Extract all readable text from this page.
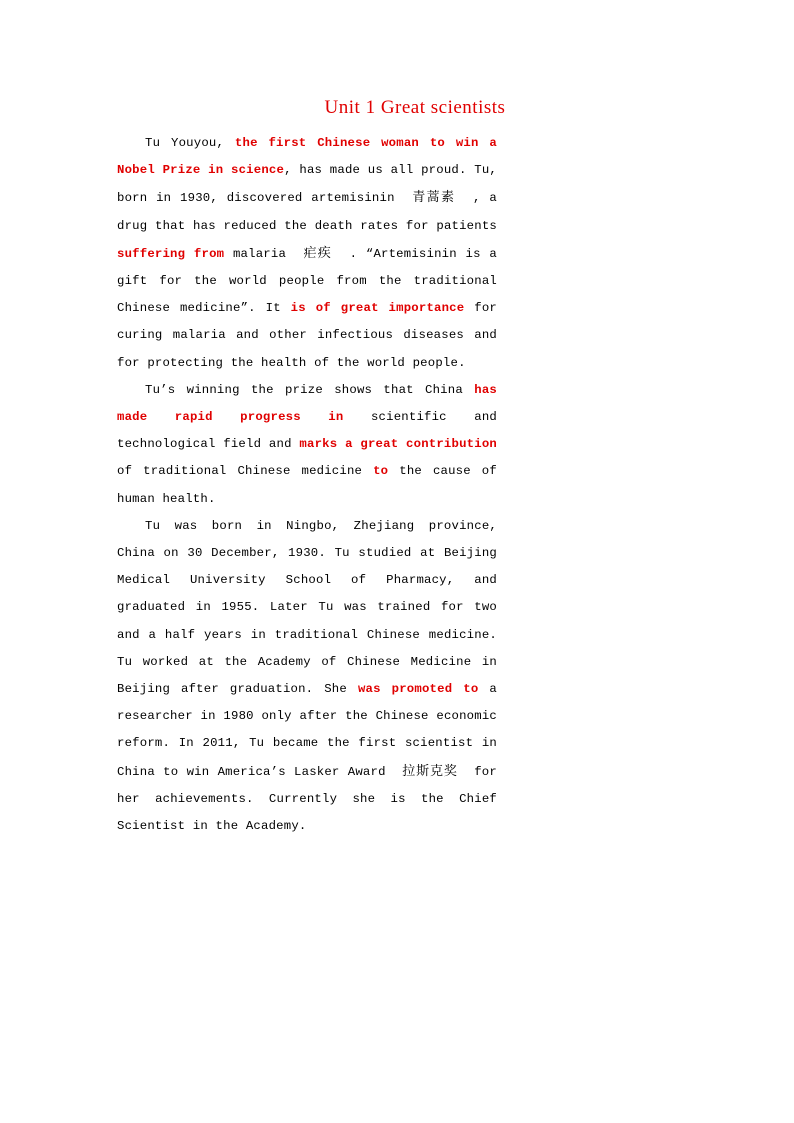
Unit 1 Great scientists

Tu Youyou, the first Chinese woman to win a Nobel Prize in science, has made us all proud. Tu, born in 1930, discovered artemisinin 青蒿素 , a drug that has reduced the death rates for patients suffering from malaria 疟疾 . “Artemisinin is a gift for the world people from the traditional Chinese medicine”. It is of great importance for curing malaria and other infectious diseases and for protecting the health of the world people.

Tu’s winning the prize shows that China has made rapid progress in scientific and technological field and marks a great contribution of traditional Chinese medicine to the cause of human health.

Tu was born in Ningbo, Zhejiang province, China on 30 December, 1930. Tu studied at Beijing Medical University School of Pharmacy, and graduated in 1955. Later Tu was trained for two and a half years in traditional Chinese medicine. Tu worked at the Academy of Chinese Medicine in Beijing after graduation. She was promoted to a researcher in 1980 only after the Chinese economic reform. In 2011, Tu became the first scientist in China to win America’s Lasker Award 拉斯克奖 for her achievements. Currently she is the Chief Scientist in the Academy.
